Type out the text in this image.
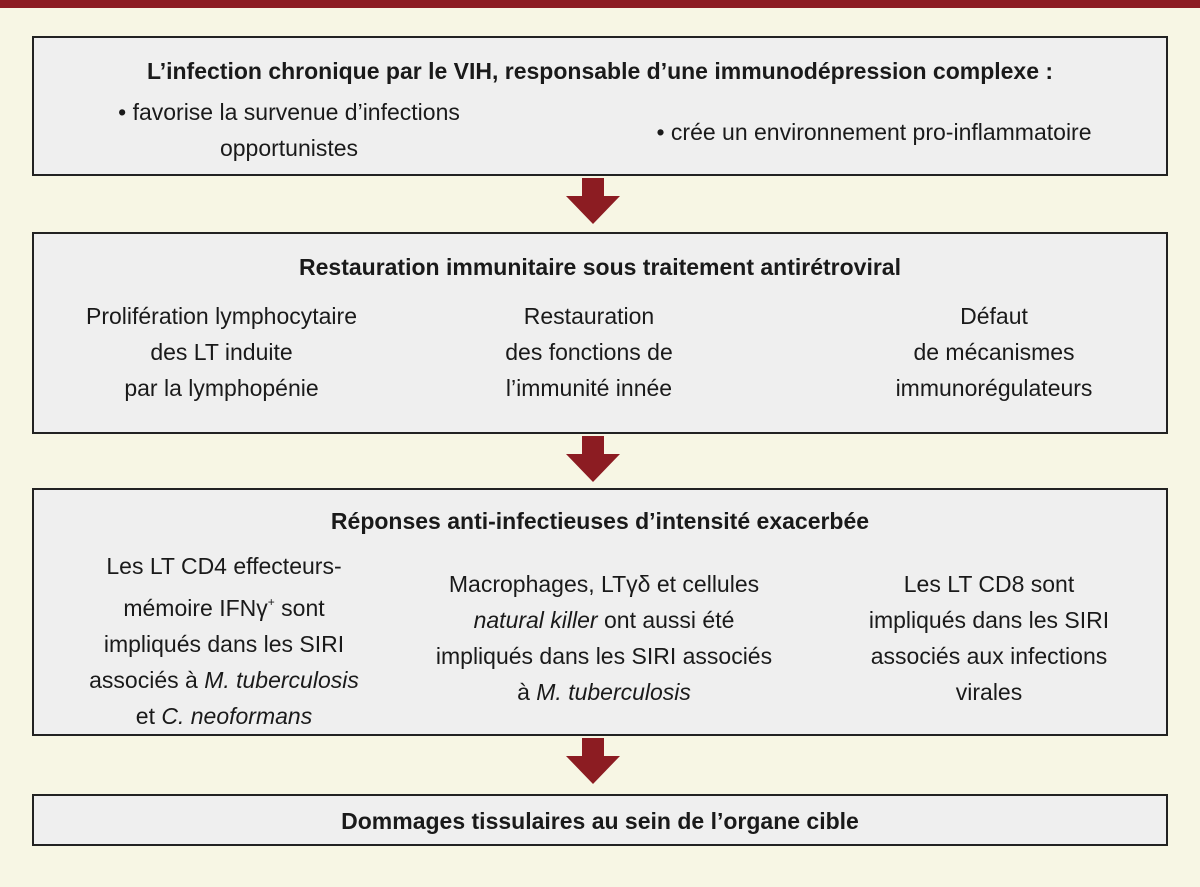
L’infection chronique par le VIH, responsable d’une immunodépression complexe :
• favorise la survenue d’infections
opportunistes
• crée un environnement pro-inflammatoire
Restauration immunitaire sous traitement antirétroviral
Prolifération lymphocytaire
des LT induite
par la lymphopénie
Restauration
des fonctions de
l’immunité innée
Défaut
de mécanismes
immunorégulateurs
Réponses anti-infectieuses d’intensité exacerbée
Les LT CD4 effecteurs-
mémoire IFNγ+ sont
impliqués dans les SIRI
associés à M. tuberculosis
et C. neoformans
Macrophages, LTγδ et cellules
natural killer ont aussi été
impliqués dans les SIRI associés
à M. tuberculosis
Les LT CD8 sont
impliqués dans les SIRI
associés aux infections
virales
Dommages tissulaires au sein de l’organe cible
